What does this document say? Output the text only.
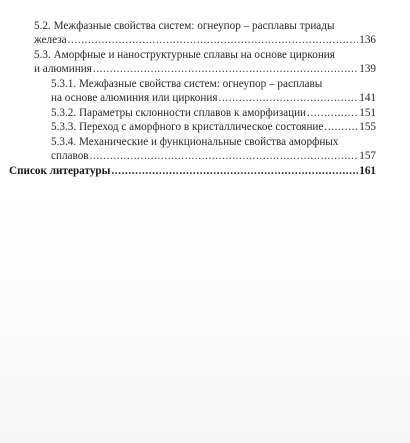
5.2. Межфазные свойства систем: огнеупор – расплавы триады
железа .....	136
5.3. Аморфные и наноструктурные сплавы на основе циркония
и алюминия .....	139
5.3.1. Межфазные свойства систем: огнеупор – расплавы
на основе алюминия или циркония .....	141
5.3.2. Параметры склонности сплавов к аморфизации .....	151
5.3.3. Переход с аморфного в кристаллическое состояние .....	155
5.3.4. Механические и функциональные свойства аморфных
сплавов .....	157
Список литературы .....	161
